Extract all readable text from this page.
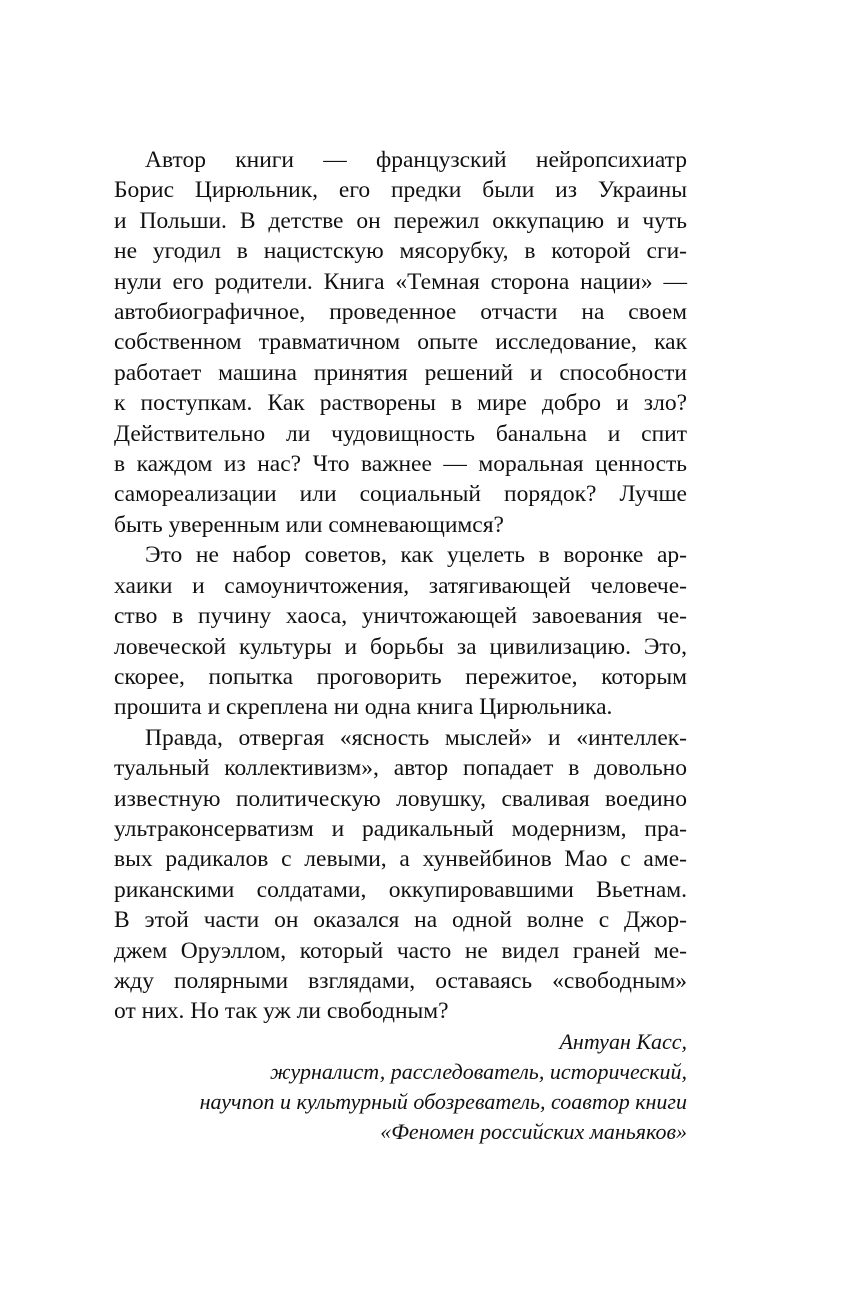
Автор книги — французский нейропсихиатр
Борис Цирюльник, его предки были из Украины
и Польши. В детстве он пережил оккупацию и чуть
не угодил в нацистскую мясорубку, в которой сги-
нули его родители. Книга «Темная сторона нации» —
автобиографичное, проведенное отчасти на своем
собственном травматичном опыте исследование, как
работает машина принятия решений и способности
к поступкам. Как растворены в мире добро и зло?
Действительно ли чудовищность банальна и спит
в каждом из нас? Что важнее — моральная ценность
самореализации или социальный порядок? Лучше
быть уверенным или сомневающимся?
Это не набор советов, как уцелеть в воронке ар-
хаики и самоуничтожения, затягивающей человече-
ство в пучину хаоса, уничтожающей завоевания че-
ловеческой культуры и борьбы за цивилизацию. Это,
скорее, попытка проговорить пережитое, которым
прошита и скреплена ни одна книга Цирюльника.
Правда, отвергая «ясность мыслей» и «интеллек-
туальный коллективизм», автор попадает в довольно
известную политическую ловушку, сваливая воедино
ультраконсерватизм и радикальный модернизм, пра-
вых радикалов с левыми, а хунвейбинов Мао с аме-
риканскими солдатами, оккупировавшими Вьетнам.
В этой части он оказался на одной волне с Джор-
джем Оруэллом, который часто не видел граней ме-
жду полярными взглядами, оставаясь «свободным»
от них. Но так уж ли свободным?
Антуан Касс,
журналист, расследователь, исторический,
научпоп и культурный обозреватель, соавтор книги
«Феномен российских маньяков»
